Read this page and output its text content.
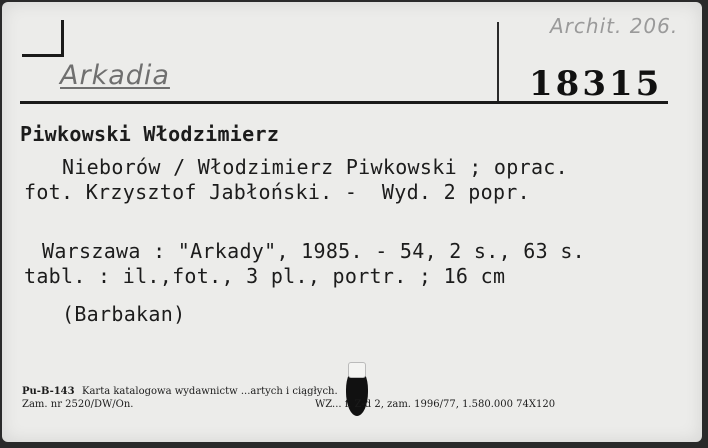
Arkadia
Archit. 206.
18315
Piwkowski Włodzimierz
Nieborów / Włodzimierz Piwkowski ; oprac.
fot. Krzysztof Jabłoński. -  Wyd. 2 popr.
Warszawa : "Arkady", 1985. - 54, 2 s., 63 s.
tabl. : il.,fot., 3 pl., portr. ; 16 cm
(Barbakan)
Pu-B-143 Karta katalogowa wydawnictw ...artych i ciągłych.
Zam. nr 2520/DW/On.	WZ... f. Z-d 2, zam. 1996/77, 1.580.000 74X120
